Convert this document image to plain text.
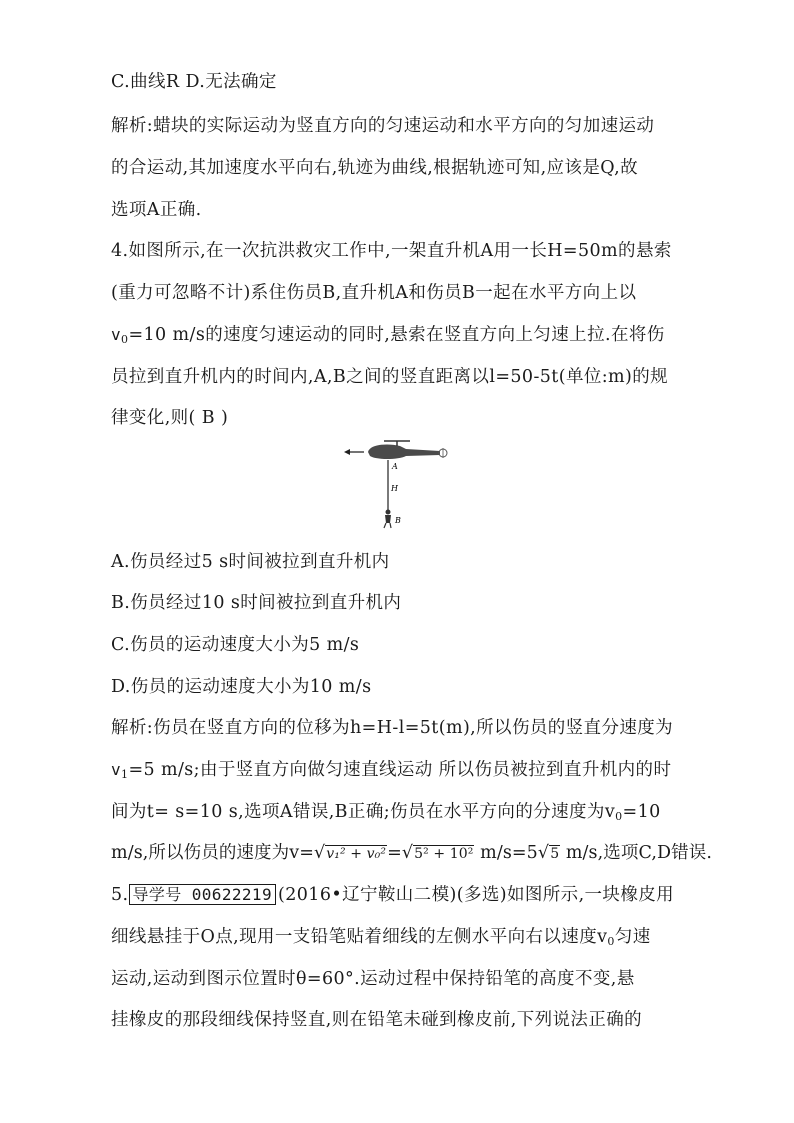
C.曲线R D.无法确定
解析:蜡块的实际运动为竖直方向的匀速运动和水平方向的匀加速运动
的合运动,其加速度水平向右,轨迹为曲线,根据轨迹可知,应该是Q,故
选项A正确.
4.如图所示,在一次抗洪救灾工作中,一架直升机A用一长H=50m的悬索
(重力可忽略不计)系住伤员B,直升机A和伤员B一起在水平方向上以
$v_0=10$ m/s的速度匀速运动的同时,悬索在竖直方向上匀速上拉.在将伤
员拉到直升机内的时间内,A,B之间的竖直距离以l=50-5t(单位:m)的规
律变化,则( B )
A
H
B
A.伤员经过5 s时间被拉到直升机内
B.伤员经过10 s时间被拉到直升机内
C.伤员的运动速度大小为5 m/s
D.伤员的运动速度大小为10 m/s
解析:伤员在竖直方向的位移为h=H-l=5t(m),所以伤员的竖直分速度为
$v_1=5$ m/s;由于竖直方向做匀速直线运动 所以伤员被拉到直升机内的时
间为t= s=10 s,选项A错误,B正确;伤员在水平方向的分速度为$v_0=10$
m/s,所以伤员的速度为v=√v₁² + v₀²=√5² + 10² m/s=5√5 m/s,选项C,D错误.
5. 导学号 00622219 (2016•辽宁鞍山二模)(多选)如图所示,一块橡皮用
细线悬挂于O点,现用一支铅笔贴着细线的左侧水平向右以速度$v_0$匀速
运动,运动到图示位置时θ=60°.运动过程中保持铅笔的高度不变,悬
挂橡皮的那段细线保持竖直,则在铅笔未碰到橡皮前,下列说法正确的
